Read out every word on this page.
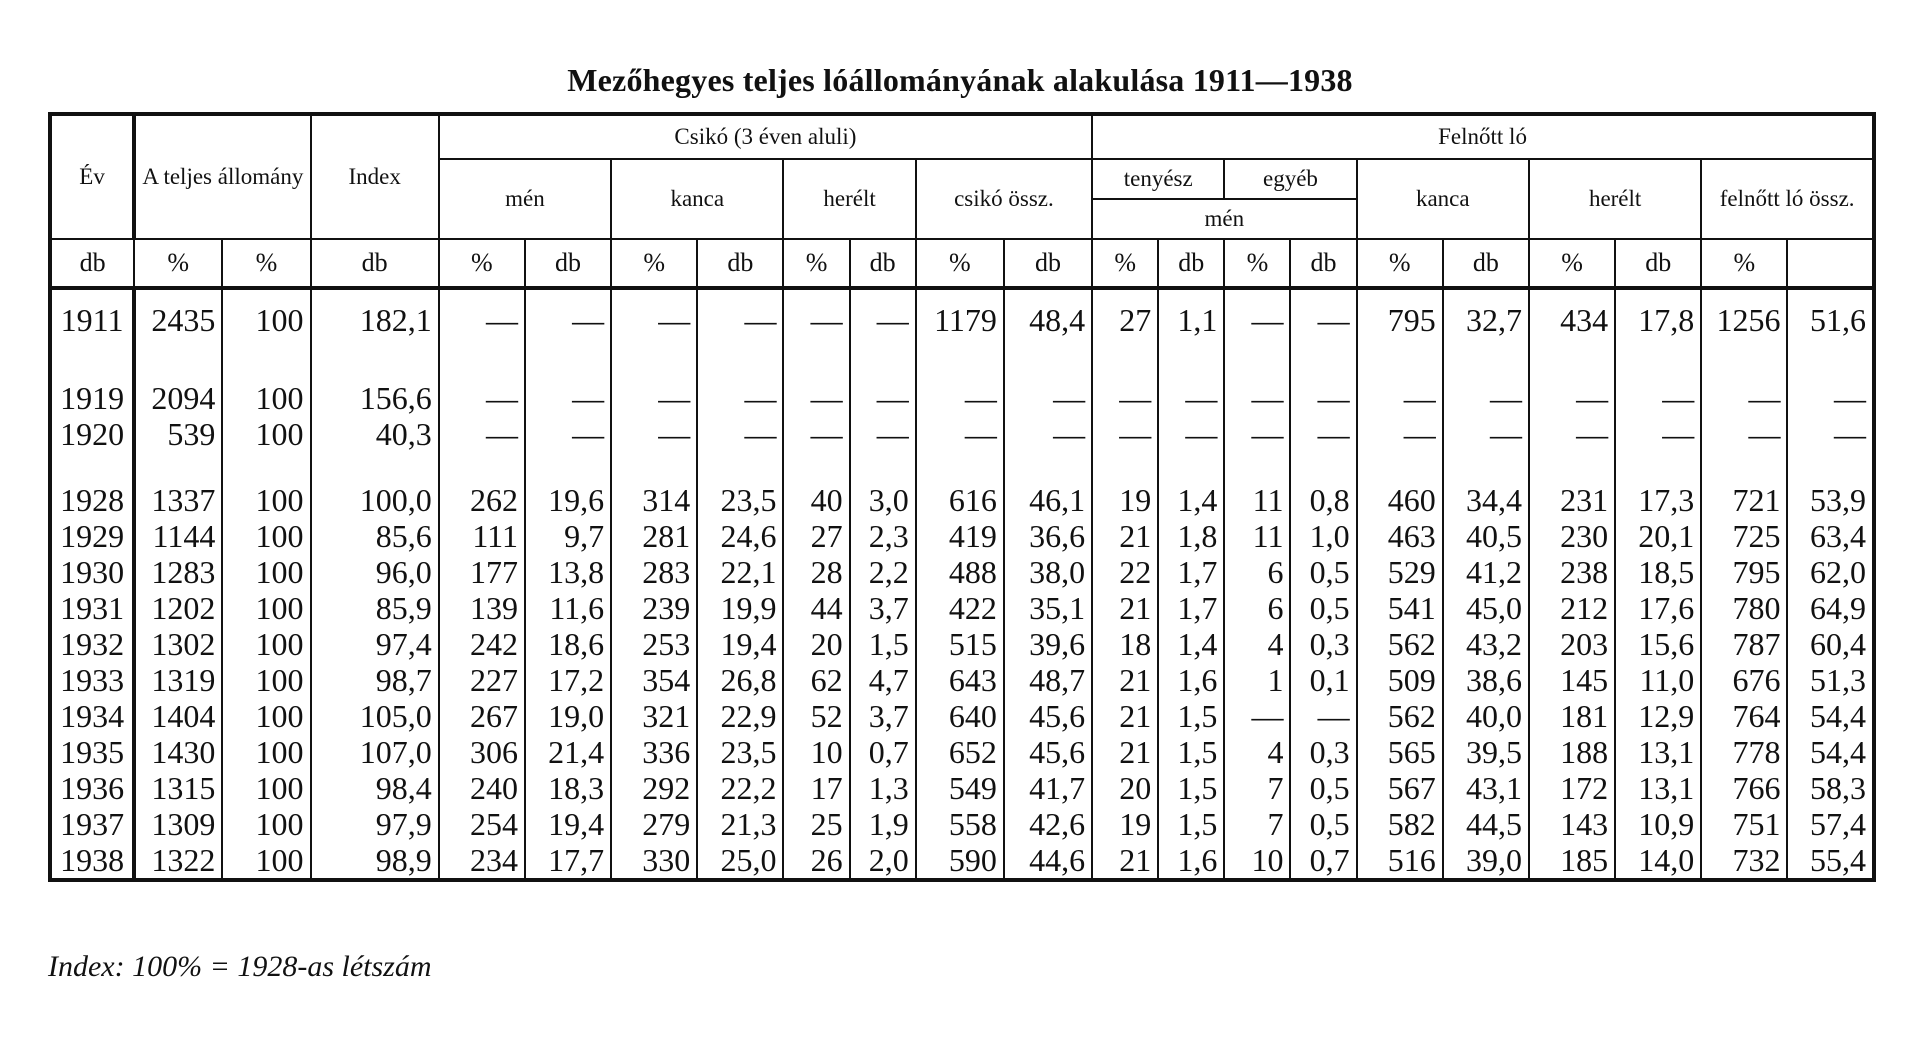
Mezőhegyes teljes lóállományának alakulása 1911—1938
Év	A teljes állomány		Index	Csikó (3 éven aluli)								Felnőtt ló									
				mén		kanca		herélt		csikó össz.		tenyész		egyéb		kanca		herélt		felnőtt ló össz.	
												mén									
db	%	%	db	%	db	%	db	%	db	%	db	%	db	%	db	%	db	%	db	%	
1911	2435	100	182,1	—	—	—	—	—	—	1179	48,4	27	1,1	—	—	795	32,7	434	17,8	1256	51,6

1919	2094	100	156,6	—	—	—	—	—	—	—	—	—	—	—	—	—	—	—	—	—	—
1920	539	100	40,3	—	—	—	—	—	—	—	—	—	—	—	—	—	—	—	—	—	—

1928	1337	100	100,0	262	19,6	314	23,5	40	3,0	616	46,1	19	1,4	11	0,8	460	34,4	231	17,3	721	53,9
1929	1144	100	85,6	111	9,7	281	24,6	27	2,3	419	36,6	21	1,8	11	1,0	463	40,5	230	20,1	725	63,4
1930	1283	100	96,0	177	13,8	283	22,1	28	2,2	488	38,0	22	1,7	6	0,5	529	41,2	238	18,5	795	62,0
1931	1202	100	85,9	139	11,6	239	19,9	44	3,7	422	35,1	21	1,7	6	0,5	541	45,0	212	17,6	780	64,9
1932	1302	100	97,4	242	18,6	253	19,4	20	1,5	515	39,6	18	1,4	4	0,3	562	43,2	203	15,6	787	60,4
1933	1319	100	98,7	227	17,2	354	26,8	62	4,7	643	48,7	21	1,6	1	0,1	509	38,6	145	11,0	676	51,3
1934	1404	100	105,0	267	19,0	321	22,9	52	3,7	640	45,6	21	1,5	—	—	562	40,0	181	12,9	764	54,4
1935	1430	100	107,0	306	21,4	336	23,5	10	0,7	652	45,6	21	1,5	4	0,3	565	39,5	188	13,1	778	54,4
1936	1315	100	98,4	240	18,3	292	22,2	17	1,3	549	41,7	20	1,5	7	0,5	567	43,1	172	13,1	766	58,3
1937	1309	100	97,9	254	19,4	279	21,3	25	1,9	558	42,6	19	1,5	7	0,5	582	44,5	143	10,9	751	57,4
1938	1322	100	98,9	234	17,7	330	25,0	26	2,0	590	44,6	21	1,6	10	0,7	516	39,0	185	14,0	732	55,4
Index: 100% = 1928-as létszám
